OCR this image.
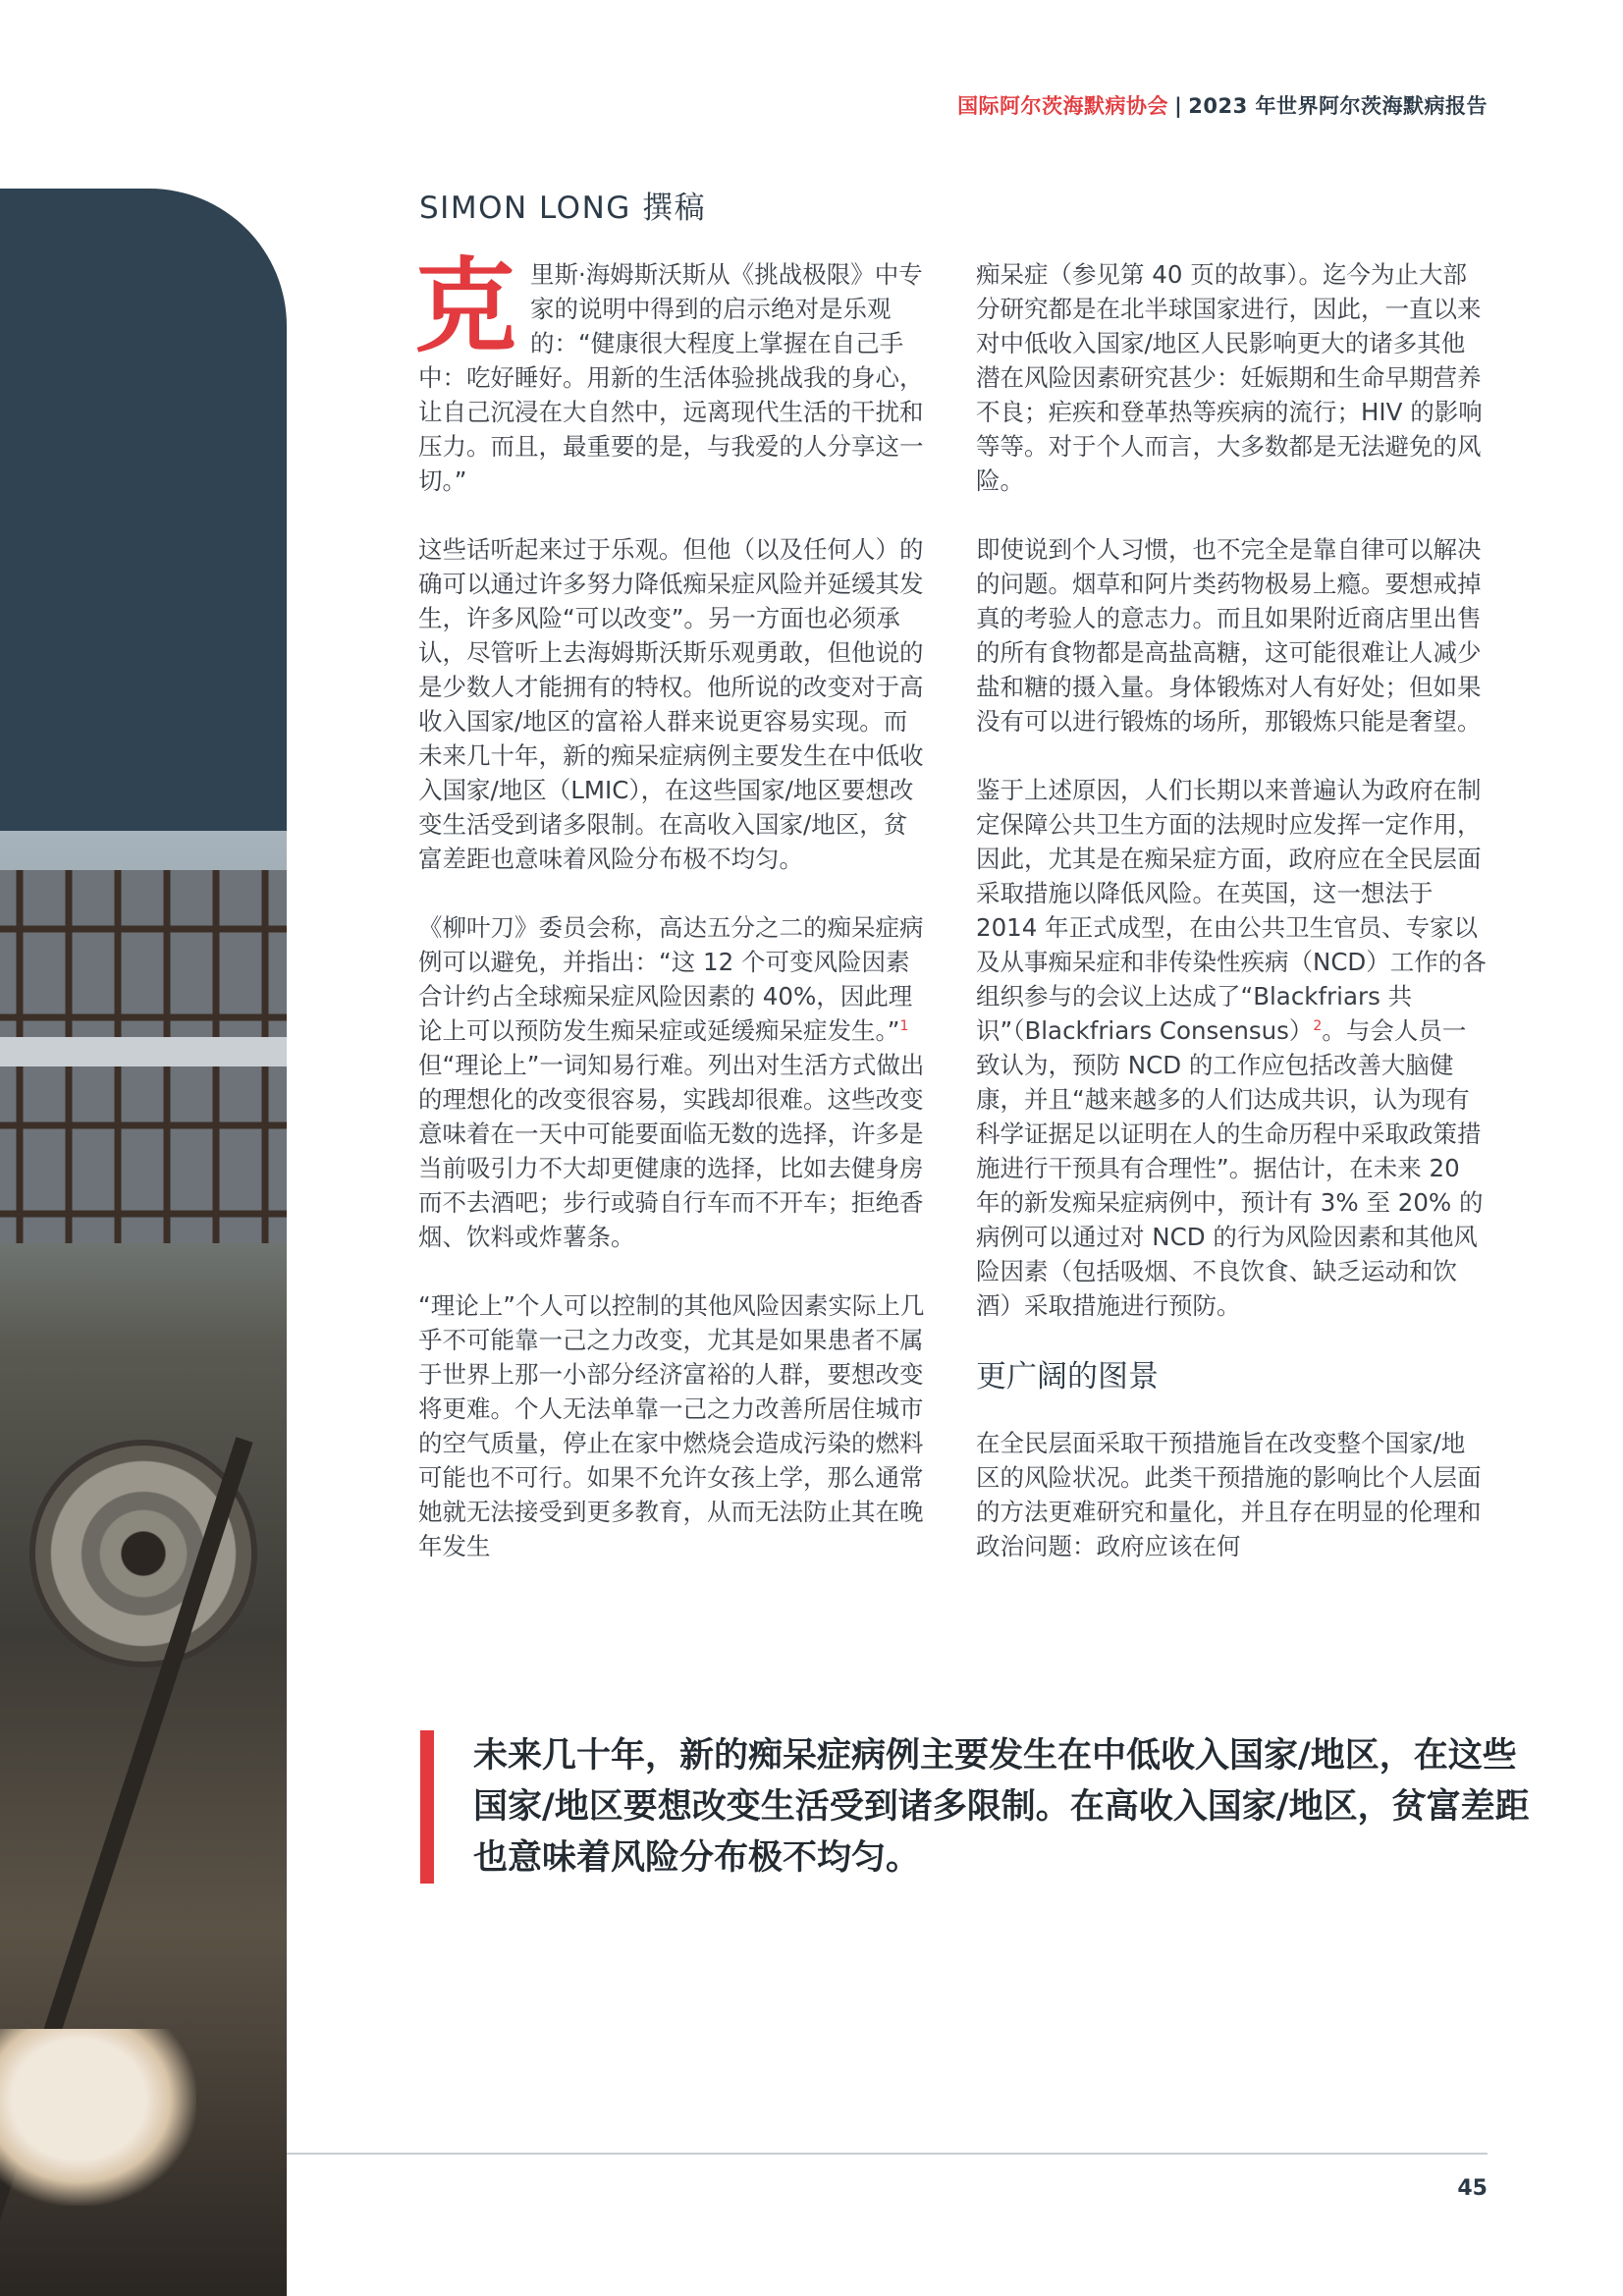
国际阿尔茨海默病协会 | 2023 年世界阿尔茨海默病报告
SIMON LONG 撰稿

克里斯·海姆斯沃斯从《挑战极限》中专家的说明中得到的启示绝对是乐观的：“健康很大程度上掌握在自己手中：吃好睡好。用新的生活体验挑战我的身心，让自己沉浸在大自然中，远离现代生活的干扰和压力。而且，最重要的是，与我爱的人分享这一切。”

这些话听起来过于乐观。但他（以及任何人）的确可以通过许多努力降低痴呆症风险并延缓其发生，许多风险“可以改变”。另一方面也必须承认，尽管听上去海姆斯沃斯乐观勇敢，但他说的是少数人才能拥有的特权。他所说的改变对于高收入国家/地区的富裕人群来说更容易实现。而未来几十年，新的痴呆症病例主要发生在中低收入国家/地区（LMIC），在这些国家/地区要想改变生活受到诸多限制。在高收入国家/地区，贫富差距也意味着风险分布极不均匀。

《柳叶刀》委员会称，高达五分之二的痴呆症病例可以避免，并指出：“这 12 个可变风险因素合计约占全球痴呆症风险因素的 40%，因此理论上可以预防发生痴呆症或延缓痴呆症发生。”$^1$但“理论上”一词知易行难。列出对生活方式做出的理想化的改变很容易，实践却很难。这些改变意味着在一天中可能要面临无数的选择，许多是当前吸引力不大却更健康的选择，比如去健身房而不去酒吧；步行或骑自行车而不开车；拒绝香烟、饮料或炸薯条。

“理论上”个人可以控制的其他风险因素实际上几乎不可能靠一己之力改变，尤其是如果患者不属于世界上那一小部分经济富裕的人群，要想改变将更难。个人无法单靠一己之力改善所居住城市的空气质量，停止在家中燃烧会造成污染的燃料可能也不可行。如果不允许女孩上学，那么通常她就无法接受到更多教育，从而无法防止其在晚年发生

痴呆症（参见第 40 页的故事）。迄今为止大部分研究都是在北半球国家进行，因此，一直以来对中低收入国家/地区人民影响更大的诸多其他潜在风险因素研究甚少：妊娠期和生命早期营养不良；疟疾和登革热等疾病的流行；HIV 的影响等等。对于个人而言，大多数都是无法避免的风险。

即使说到个人习惯，也不完全是靠自律可以解决的问题。烟草和阿片类药物极易上瘾。要想戒掉真的考验人的意志力。而且如果附近商店里出售的所有食物都是高盐高糖，这可能很难让人减少盐和糖的摄入量。身体锻炼对人有好处；但如果没有可以进行锻炼的场所，那锻炼只能是奢望。

鉴于上述原因，人们长期以来普遍认为政府在制定保障公共卫生方面的法规时应发挥一定作用，因此，尤其是在痴呆症方面，政府应在全民层面采取措施以降低风险。在英国，这一想法于 2014 年正式成型，在由公共卫生官员、专家以及从事痴呆症和非传染性疾病（NCD）工作的各组织参与的会议上达成了“Blackfriars 共识”（Blackfriars Consensus）$^2$。与会人员一致认为，预防 NCD 的工作应包括改善大脑健康，并且“越来越多的人们达成共识，认为现有科学证据足以证明在人的生命历程中采取政策措施进行干预具有合理性”。据估计，在未来 20 年的新发痴呆症病例中，预计有 3% 至 20% 的病例可以通过对 NCD 的行为风险因素和其他风险因素（包括吸烟、不良饮食、缺乏运动和饮酒）采取措施进行预防。

更广阔的图景

在全民层面采取干预措施旨在改变整个国家/地区的风险状况。此类干预措施的影响比个人层面的方法更难研究和量化，并且存在明显的伦理和政治问题：政府应该在何

未来几十年，新的痴呆症病例主要发生在中低收入国家/地区，在这些国家/地区要想改变生活受到诸多限制。在高收入国家/地区，贫富差距也意味着风险分布极不均匀。
45
